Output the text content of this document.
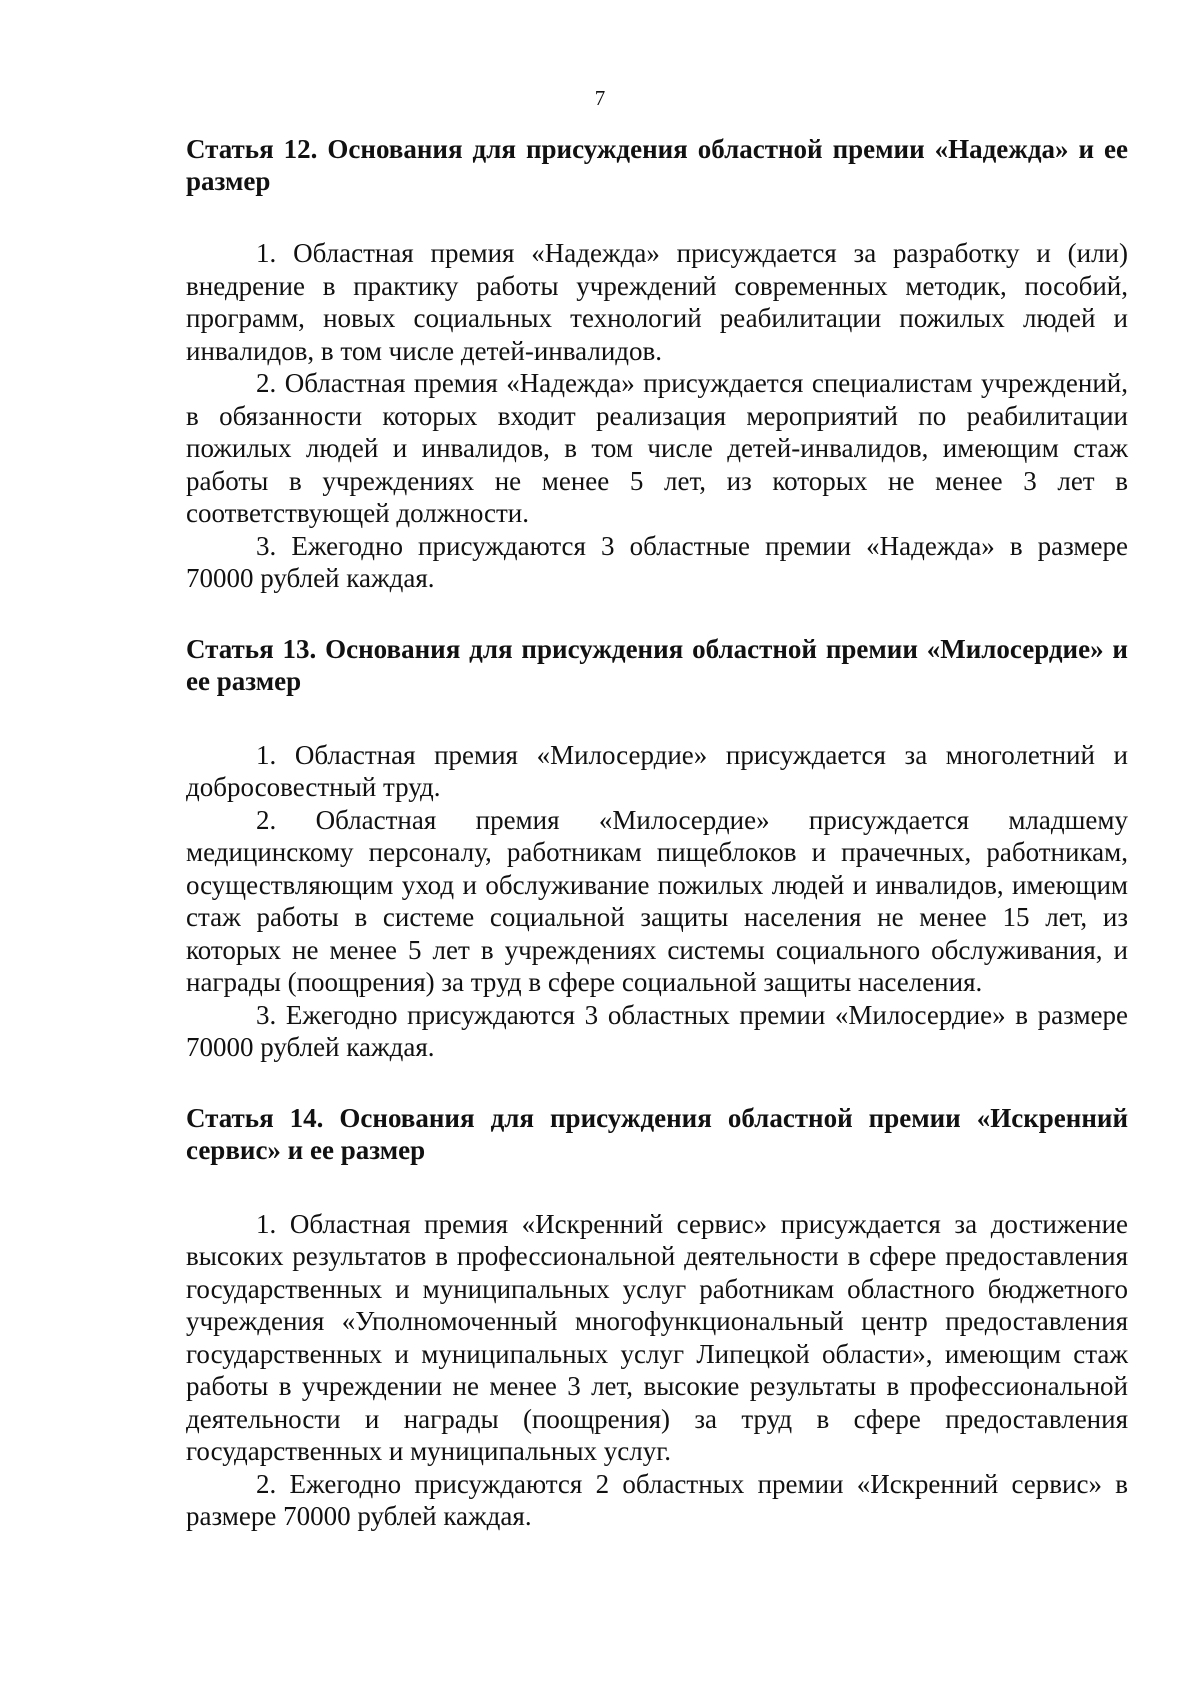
7
Статья 12. Основания для присуждения областной премии «Надежда» и ее размер

1. Областная премия «Надежда» присуждается за разработку и (или) внедрение в практику работы учреждений современных методик, пособий, программ, новых социальных технологий реабилитации пожилых людей и инвалидов, в том числе детей-инвалидов.

2. Областная премия «Надежда» присуждается специалистам учреждений, в обязанности которых входит реализация мероприятий по реабилитации пожилых людей и инвалидов, в том числе детей-инвалидов, имеющим стаж работы в учреждениях не менее 5 лет, из которых не менее 3 лет в соответствующей должности.

3. Ежегодно присуждаются 3 областные премии «Надежда» в размере 70000 рублей каждая.

Статья 13. Основания для присуждения областной премии «Милосердие» и ее размер

1. Областная премия «Милосердие» присуждается за многолетний и добросовестный труд.

2. Областная премия «Милосердие» присуждается младшему медицинскому персоналу, работникам пищеблоков и прачечных, работникам, осуществляющим уход и обслуживание пожилых людей и инвалидов, имеющим стаж работы в системе социальной защиты населения не менее 15 лет, из которых не менее 5 лет в учреждениях системы социального обслуживания, и награды (поощрения) за труд в сфере социальной защиты населения.

3. Ежегодно присуждаются 3 областных премии «Милосердие» в размере 70000 рублей каждая.

Статья 14. Основания для присуждения областной премии «Искренний сервис» и ее размер

1. Областная премия «Искренний сервис» присуждается за достижение высоких результатов в профессиональной деятельности в сфере предоставления государственных и муниципальных услуг работникам областного бюджетного учреждения «Уполномоченный многофункциональный центр предоставления государственных и муниципальных услуг Липецкой области», имеющим стаж работы в учреждении не менее 3 лет, высокие результаты в профессиональной деятельности и награды (поощрения) за труд в сфере предоставления государственных и муниципальных услуг.

2. Ежегодно присуждаются 2 областных премии «Искренний сервис» в размере 70000 рублей каждая.
